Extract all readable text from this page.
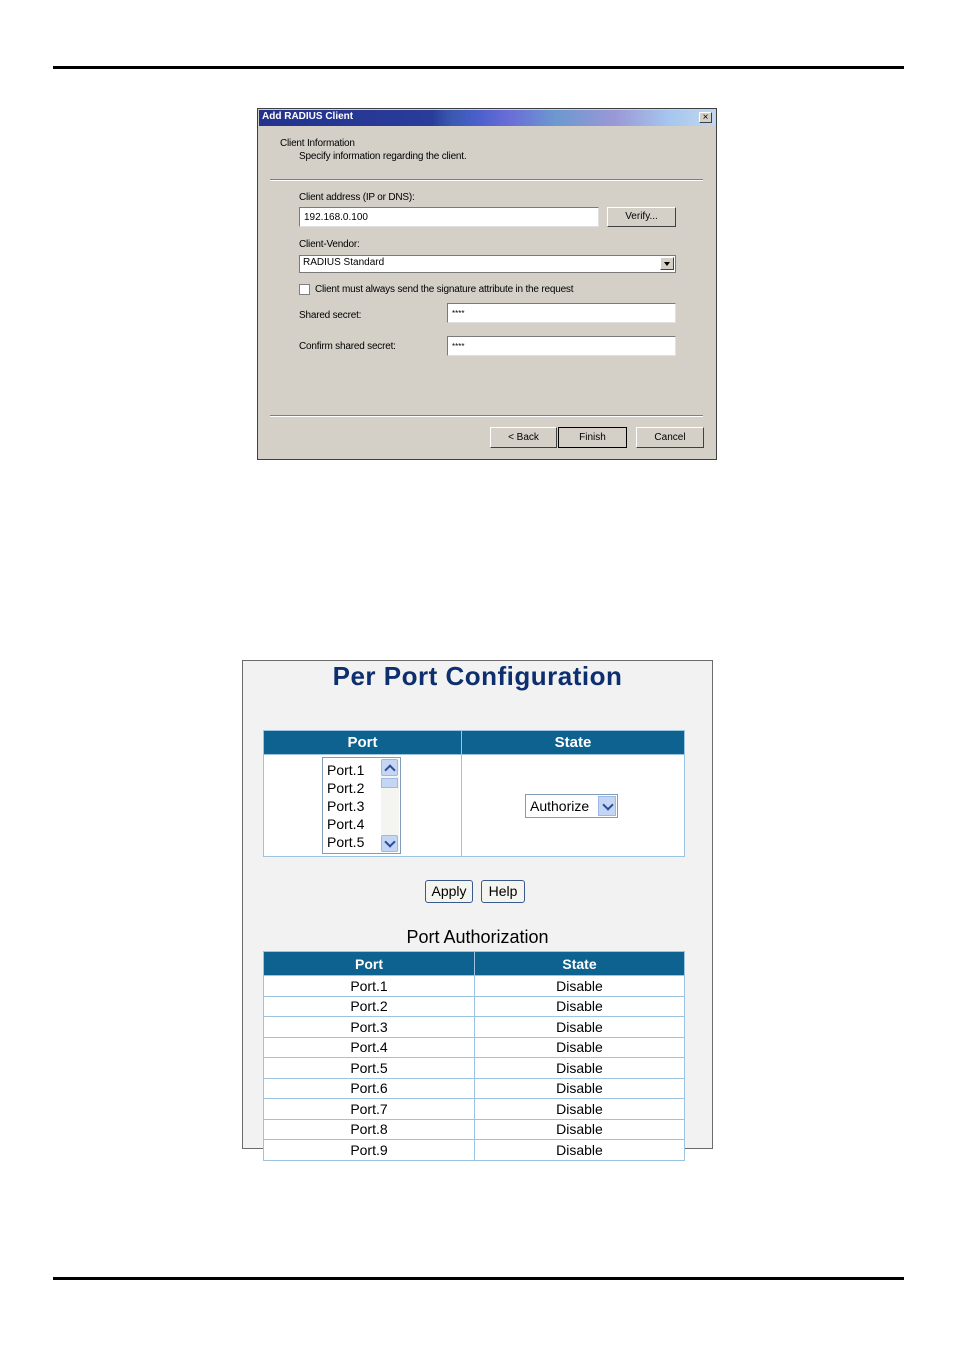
Add RADIUS Client	×
Client Information
Specify information regarding the client.
Client address (IP or DNS):
192.168.0.100
Verify...
Client-Vendor:
RADIUS Standard
Client must always send the signature attribute in the request
Shared secret:
****
Confirm shared secret:
****
< Back	Finish	Cancel
Per Port Configuration
Port	State

Port.1
Port.2
Port.3
Port.4
Port.5
Authorize
Apply	Help
Port Authorization
Port	State
Port.1	Disable
Port.2	Disable
Port.3	Disable
Port.4	Disable
Port.5	Disable
Port.6	Disable
Port.7	Disable
Port.8	Disable
Port.9	Disable
